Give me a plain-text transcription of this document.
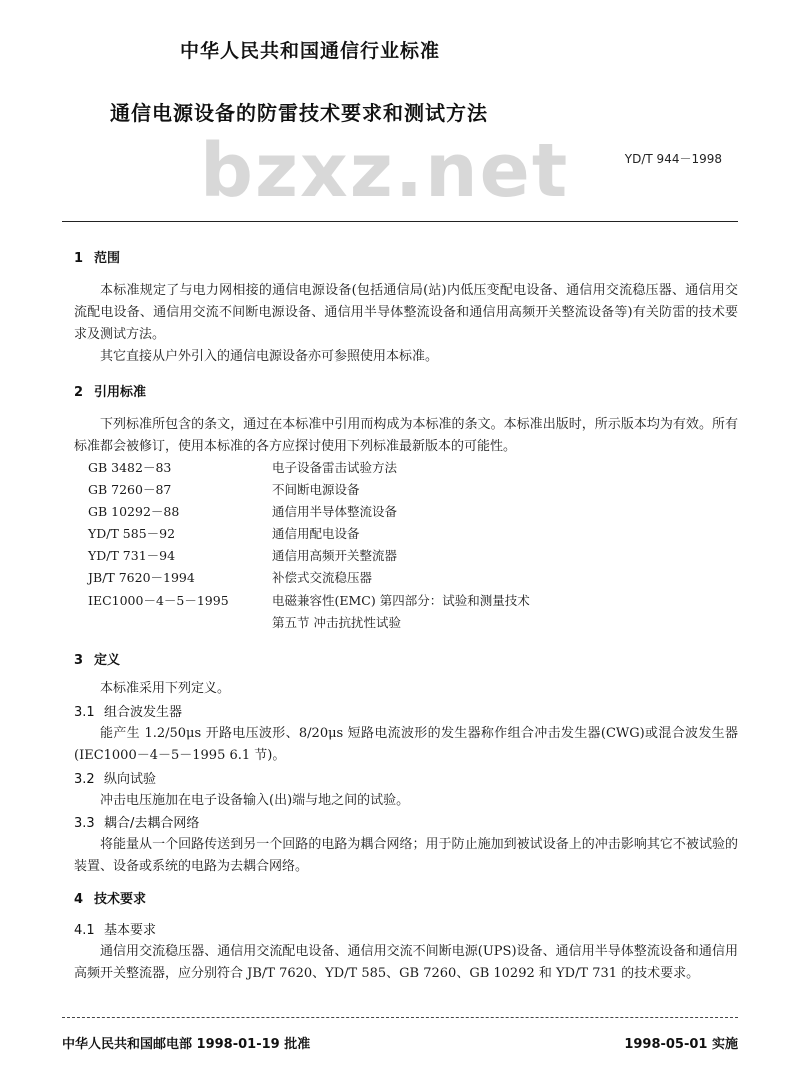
bzxz.net
中华人民共和国通信行业标准
通信电源设备的防雷技术要求和测试方法
YD/T 944－1998
1 范围
本标准规定了与电力网相接的通信电源设备(包括通信局(站)内低压变配电设备、通信用交流稳压器、通信用交流配电设备、通信用交流不间断电源设备、通信用半导体整流设备和通信用高频开关整流设备等)有关防雷的技术要求及测试方法。
其它直接从户外引入的通信电源设备亦可参照使用本标准。
2 引用标准
下列标准所包含的条文，通过在本标准中引用而构成为本标准的条文。本标准出版时，所示版本均为有效。所有标准都会被修订，使用本标准的各方应探讨使用下列标准最新版本的可能性。
GB 3482－83	电子设备雷击试验方法
GB 7260－87	不间断电源设备
GB 10292－88	通信用半导体整流设备
YD/T 585－92	通信用配电设备
YD/T 731－94	通信用高频开关整流器
JB/T 7620－1994	补偿式交流稳压器
IEC1000－4－5－1995	电磁兼容性(EMC) 第四部分：试验和测量技术
第五节 冲击抗扰性试验
3 定义
本标准采用下列定义。
3.1 组合波发生器
能产生 1.2/50μs 开路电压波形、8/20μs 短路电流波形的发生器称作组合冲击发生器(CWG)或混合波发生器(IEC1000－4－5－1995 6.1 节)。
3.2 纵向试验
冲击电压施加在电子设备输入(出)端与地之间的试验。
3.3 耦合/去耦合网络
将能量从一个回路传送到另一个回路的电路为耦合网络；用于防止施加到被试设备上的冲击影响其它不被试验的装置、设备或系统的电路为去耦合网络。
4 技术要求
4.1 基本要求
通信用交流稳压器、通信用交流配电设备、通信用交流不间断电源(UPS)设备、通信用半导体整流设备和通信用高频开关整流器，应分别符合 JB/T 7620、YD/T 585、GB 7260、GB 10292 和 YD/T 731 的技术要求。
中华人民共和国邮电部 1998-01-19 批准	1998-05-01 实施
